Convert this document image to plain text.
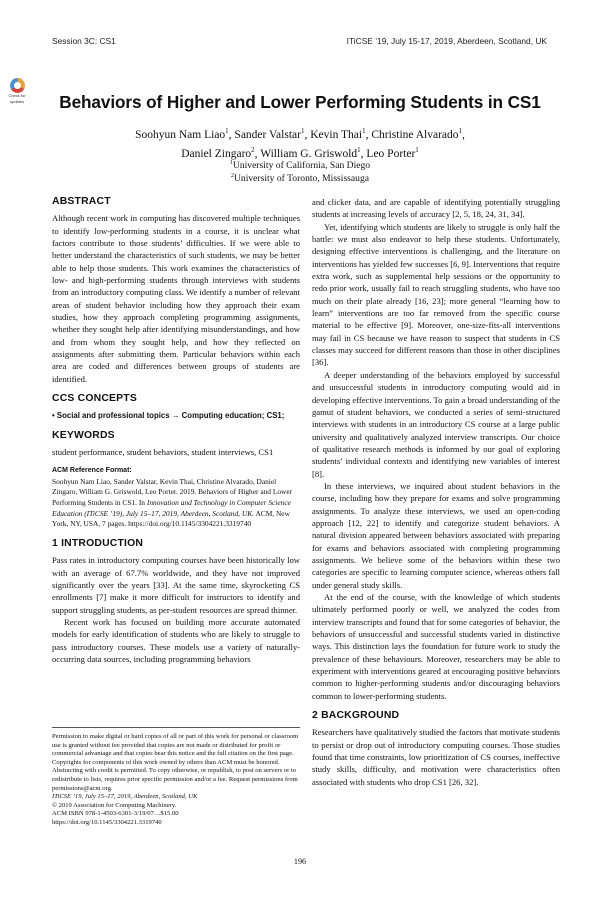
Session 3C: CS1	ITiCSE ’19, July 15-17, 2019, Aberdeen, Scotland, UK
Check for
updates	Behaviors of Higher and Lower Performing Students in CS1
Soohyun Nam Liao$^1$, Sander Valstar$^1$, Kevin Thai$^1$, Christine Alvarado$^1$,
Daniel Zingaro$^2$, William G. Griswold$^1$, Leo Porter$^1$
$^1$University of California, San Diego
$^2$University of Toronto, Mississauga
ABSTRACT

Although recent work in computing has discovered multiple techniques to identify low-performing students in a course, it is unclear what factors contribute to those students’ difficulties. If we were able to better understand the characteristics of such students, we may be better able to help those students. This work examines the characteristics of low- and high-performing students through interviews with students from an introductory computing class. We identify a number of relevant areas of student behavior including how they approach their exam studies, how they approach completing programming assignments, whether they sought help after identifying misunderstandings, and how and from whom they sought help, and how they reflected on assignments after submitting them. Particular behaviors within each area are coded and differences between groups of students are identified.

CCS CONCEPTS

• Social and professional topics → Computing education; CS1;

KEYWORDS

student performance, student behaviors, student interviews, CS1

ACM Reference Format:

Soohyun Nam Liao, Sander Valstar, Kevin Thai, Christine Alvarado, Daniel Zingaro, William G. Griswold, Leo Porter. 2019. Behaviors of Higher and Lower Performing Students in CS1. In Innovation and Technology in Computer Science Education (ITiCSE ’19), July 15–17, 2019, Aberdeen, Scotland, UK. ACM, New York, NY, USA, 7 pages. https://doi.org/10.1145/3304221.3319740

1 INTRODUCTION

Pass rates in introductory computing courses have been historically low with an average of 67.7% worldwide, and they have not improved significantly over the years [33]. At the same time, skyrocketing CS enrollments [7] make it more difficult for instructors to identify and support struggling students, as per-student resources are spread thinner.

Recent work has focused on building more accurate automated models for early identification of students who are likely to struggle to pass introductory courses. These models use a variety of naturally-occurring data sources, including programming behaviors

and clicker data, and are capable of identifying potentially struggling students at increasing levels of accuracy [2, 5, 18, 24, 31, 34].

Yet, identifying which students are likely to struggle is only half the battle: we must also endeavor to help these students. Unfortunately, designing effective interventions is challenging, and the literature on interventions has yielded few successes [6, 9]. Interventions that require extra work, such as supplemental help sessions or the opportunity to redo prior work, usually fail to reach struggling students, who have too much on their plate already [16, 23]; more general “learning how to learn” interventions are too far removed from the specific course material to be effective [9]. Moreover, one-size-fits-all interventions may fail in CS because we have reason to suspect that students in CS classes may succeed for different reasons than those in other disciplines [36].

A deeper understanding of the behaviors employed by successful and unsuccessful students in introductory computing would aid in developing effective interventions. To gain a broad understanding of the gamut of student behaviors, we conducted a series of semi-structured interviews with students in an introductory CS course at a large public university and qualitatively analyzed interview transcripts. Our choice of qualitative research methods is informed by our goal of exploring students’ individual contexts and identifying new variables of interest [8].

In these interviews, we inquired about student behaviors in the course, including how they prepare for exams and solve programming assignments. To analyze these interviews, we used an open-coding approach [12, 22] to identify and categorize student behaviors. A natural division appeared between behaviors associated with preparing for exams and behaviors associated with completing programming assignments. We believe some of the behaviors within these two categories are specific to learning computer science, whereas others fall under general study skills.

At the end of the course, with the knowledge of which students ultimately performed poorly or well, we analyzed the codes from interview transcripts and found that for some categories of behavior, the behaviors of unsuccessful and successful students varied in distinctive ways. This distinction lays the foundation for future work to study the prevalence of these behaviours. Moreover, researchers may be able to experiment with interventions geared at encouraging positive behaviors common to higher-performing students and/or discouraging behaviors common to lower-performing students.

2 BACKGROUND

Researchers have qualitatively studied the factors that motivate students to persist or drop out of introductory computing courses. Those studies found that time constraints, low prioritization of CS courses, ineffective study skills, difficulty, and motivation were characteristics often associated with students who drop CS1 [26, 32].

Permission to make digital or hard copies of all or part of this work for personal or classroom use is granted without fee provided that copies are not made or distributed for profit or commercial advantage and that copies bear this notice and the full citation on the first page. Copyrights for components of this work owned by others than ACM must be honored. Abstracting with credit is permitted. To copy otherwise, or republish, to post on servers or to redistribute to lists, requires prior specific permission and/or a fee. Request permissions from permissions@acm.org.
ITiCSE ’19, July 15–17, 2019, Aberdeen, Scotland, UK
© 2019 Association for Computing Machinery.
ACM ISBN 978-1-4503-6301-3/19/07…$15.00
https://doi.org/10.1145/3304221.3319740
196
